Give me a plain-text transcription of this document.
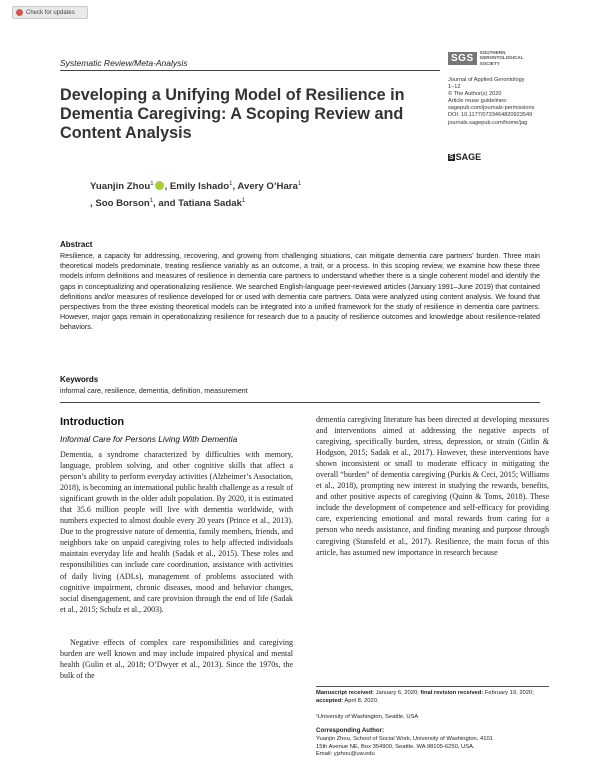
Check for updates
Systematic Review/Meta-Analysis	SGS	SOUTHERN
GERONTOLOGICAL
SOCIETY
Journal of Applied Gerontology
1–12
© The Author(s) 2020
Article reuse guidelines:
sagepub.com/journals-permissions
DOI: 10.1177/0733464820923549
journals.sagepub.com/home/jag
S SAGE
Developing a Unifying Model of Resilience in Dementia Caregiving: A Scoping Review and Content Analysis
Yuanjin Zhou$^1$ , Emily Ishado$^1$, Avery O’Hara$^1$
, Soo Borson$^1$, and Tatiana Sadak$^1$
Abstract

Resilience, a capacity for addressing, recovering, and growing from challenging situations, can mitigate dementia care partners’ burden. Three main theoretical models predominate, treating resilience variably as an outcome, a trait, or a process. In this scoping review, we examine how these three models inform definitions and measures of resilience in dementia care partners to understand whether there is a single coherent model and identify the gaps in conceptualizing and operationalizing resilience. We searched English-language peer-reviewed articles (January 1991–June 2019) that contained definitions and/or measures of resilience developed for or used with dementia care partners. Data were analyzed using content analysis. We found that perspectives from the three existing theoretical models can be integrated into a unified framework for the study of resilience in dementia care partners. However, major gaps remain in operationalizing resilience for research due to a paucity of resilience outcomes and knowledge about resilience-related behaviors.

Keywords
informal care, resilience, dementia, definition, measurement
Introduction
Informal Care for Persons Living With Dementia

Dementia, a syndrome characterized by difficulties with memory, language, problem solving, and other cognitive skills that affect a person’s ability to perform everyday activities (Alzheimer’s Association, 2018), is becoming an international public health challenge as a result of significant growth in the older adult population. By 2020, it is estimated that 35.6 million people will live with dementia worldwide, with numbers expected to almost double every 20 years (Prince et al., 2013). Due to the progressive nature of dementia, family members, friends, and neighbors take on unpaid caregiving roles to help affected individuals maintain everyday life and health (Sadak et al., 2015). These roles and responsibilities can include care coordination, assistance with activities of daily living (ADLs), management of problems associated with cognitive impairment, chronic diseases, mood and behavior changes, social disengagement, and care provision through the end of life (Sadak et al., 2015; Schulz et al., 2003).

Negative effects of complex care responsibilities and caregiving burden are well known and may include impaired physical and mental health (Gulin et al., 2018; O’Dwyer et al., 2013). Since the 1970s, the bulk of the

dementia caregiving literature has been directed at developing measures and interventions aimed at addressing the negative aspects of caregiving, specifically burden, stress, depression, or strain (Gitlin & Hodgson, 2015; Sadak et al., 2017). However, these interventions have shown inconsistent or small to moderate efficacy in mitigating the overall “burden” of dementia caregiving (Purkis & Ceci, 2015; Williams et al., 2018), prompting new interest in studying the rewards, benefits, and other positive aspects of caregiving (Quinn & Toms, 2018). These include the development of competence and self-efficacy for providing care, experiencing emotional and moral rewards from caring for a person who needs assistance, and finding meaning and purpose through caregiving (Stansfeld et al., 2017). Resilience, the main focus of this article, has assumed new importance in research because

Manuscript received: January 6, 2020; final revision received: February 19, 2020; accepted: April 8, 2020.

¹University of Washington, Seattle, USA

Corresponding Author:

Yuanjin Zhou, School of Social Work, University of Washington, 4101
15th Avenue NE, Box 354900, Seattle, WA 98105-6250, USA.
Email: yjzhou@uw.edu
